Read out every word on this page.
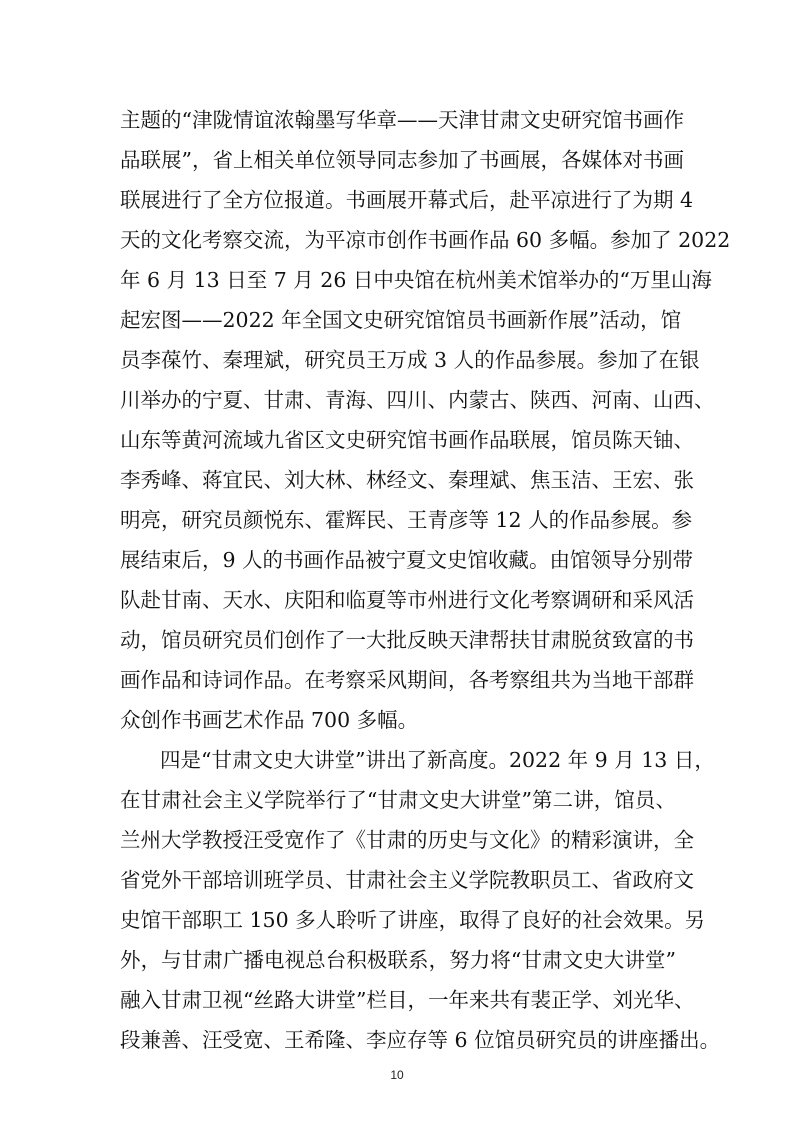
主题的“津陇情谊浓翰墨写华章——天津甘肃文史研究馆书画作
品联展”，省上相关单位领导同志参加了书画展，各媒体对书画
联展进行了全方位报道。书画展开幕式后，赴平凉进行了为期 4
天的文化考察交流，为平凉市创作书画作品 60 多幅。参加了 2022
年 6 月 13 日至 7 月 26 日中央馆在杭州美术馆举办的“万里山海
起宏图——2022 年全国文史研究馆馆员书画新作展”活动，馆
员李葆竹、秦理斌，研究员王万成 3 人的作品参展。参加了在银
川举办的宁夏、甘肃、青海、四川、内蒙古、陕西、河南、山西、
山东等黄河流域九省区文史研究馆书画作品联展，馆员陈天铀、
李秀峰、蒋宜民、刘大林、林经文、秦理斌、焦玉洁、王宏、张
明亮，研究员颜悦东、霍辉民、王青彦等 12 人的作品参展。参
展结束后，9 人的书画作品被宁夏文史馆收藏。由馆领导分别带
队赴甘南、天水、庆阳和临夏等市州进行文化考察调研和采风活
动，馆员研究员们创作了一大批反映天津帮扶甘肃脱贫致富的书
画作品和诗词作品。在考察采风期间，各考察组共为当地干部群
众创作书画艺术作品 700 多幅。
四是“甘肃文史大讲堂”讲出了新高度。2022 年 9 月 13 日，
在甘肃社会主义学院举行了“甘肃文史大讲堂”第二讲，馆员、
兰州大学教授汪受宽作了《甘肃的历史与文化》的精彩演讲，全
省党外干部培训班学员、甘肃社会主义学院教职员工、省政府文
史馆干部职工 150 多人聆听了讲座，取得了良好的社会效果。另
外，与甘肃广播电视总台积极联系，努力将“甘肃文史大讲堂”
融入甘肃卫视“丝路大讲堂”栏目，一年来共有裴正学、刘光华、
段兼善、汪受宽、王希隆、李应存等 6 位馆员研究员的讲座播出。
10
